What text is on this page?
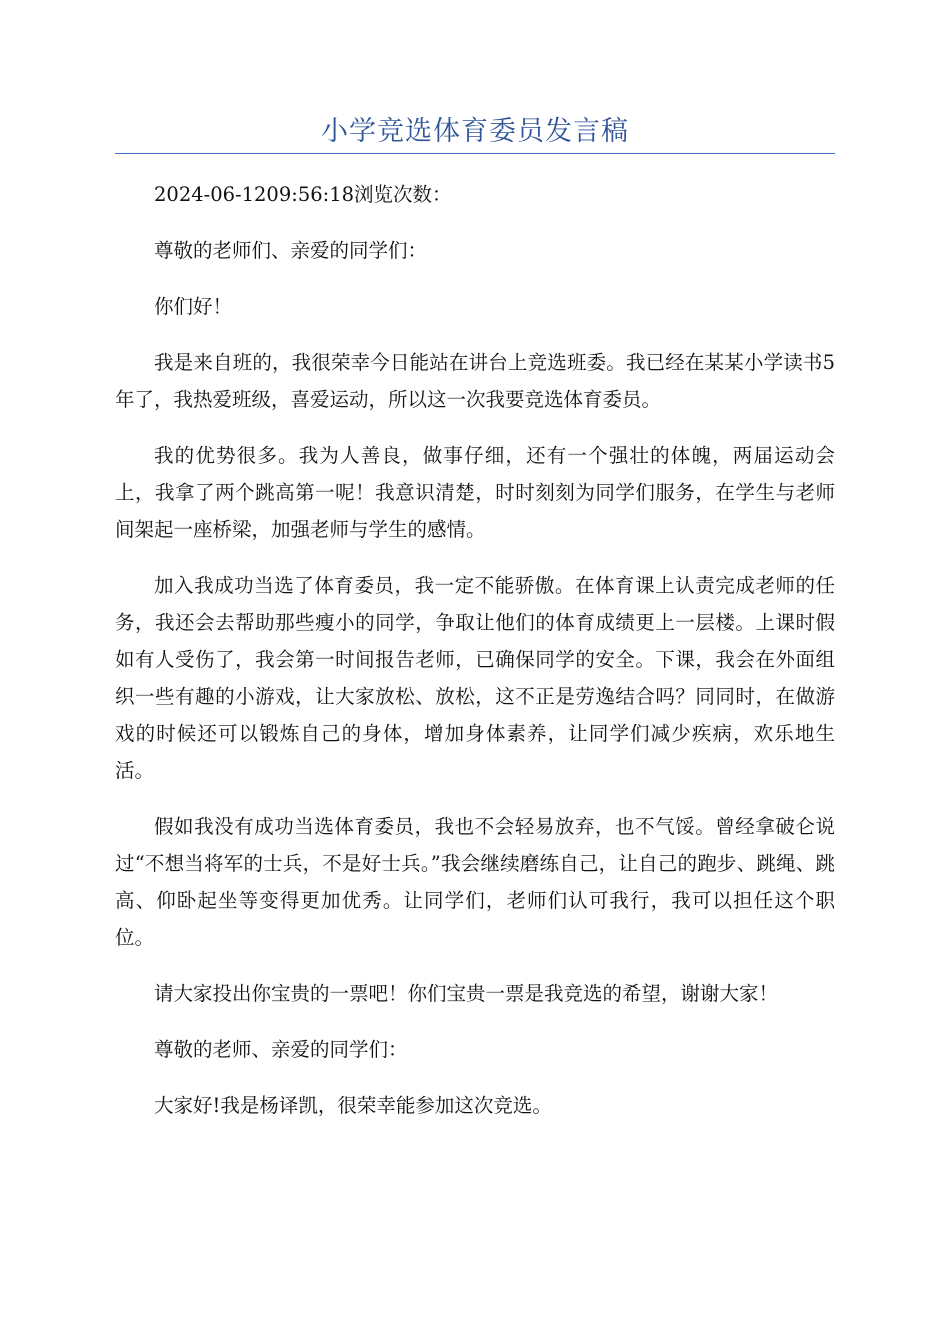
小学竞选体育委员发言稿

2024-06-1209:56:18浏览次数：

尊敬的老师们、亲爱的同学们：

你们好！

我是来自班的，我很荣幸今日能站在讲台上竞选班委。我已经在某某小学读书5年了，我热爱班级，喜爱运动，所以这一次我要竞选体育委员。

我的优势很多。我为人善良，做事仔细，还有一个强壮的体魄，两届运动会上，我拿了两个跳高第一呢！我意识清楚，时时刻刻为同学们服务，在学生与老师间架起一座桥梁，加强老师与学生的感情。

加入我成功当选了体育委员，我一定不能骄傲。在体育课上认责完成老师的任务，我还会去帮助那些瘦小的同学，争取让他们的体育成绩更上一层楼。上课时假如有人受伤了，我会第一时间报告老师，已确保同学的安全。下课，我会在外面组织一些有趣的小游戏，让大家放松、放松，这不正是劳逸结合吗？同同时，在做游戏的时候还可以锻炼自己的身体，增加身体素养，让同学们减少疾病，欢乐地生活。

假如我没有成功当选体育委员，我也不会轻易放弃，也不气馁。曾经拿破仑说过“不想当将军的士兵，不是好士兵。”我会继续磨练自己，让自己的跑步、跳绳、跳高、仰卧起坐等变得更加优秀。让同学们，老师们认可我行，我可以担任这个职位。

请大家投出你宝贵的一票吧！你们宝贵一票是我竞选的希望，谢谢大家！

尊敬的老师、亲爱的同学们：

大家好!我是杨译凯，很荣幸能参加这次竞选。
